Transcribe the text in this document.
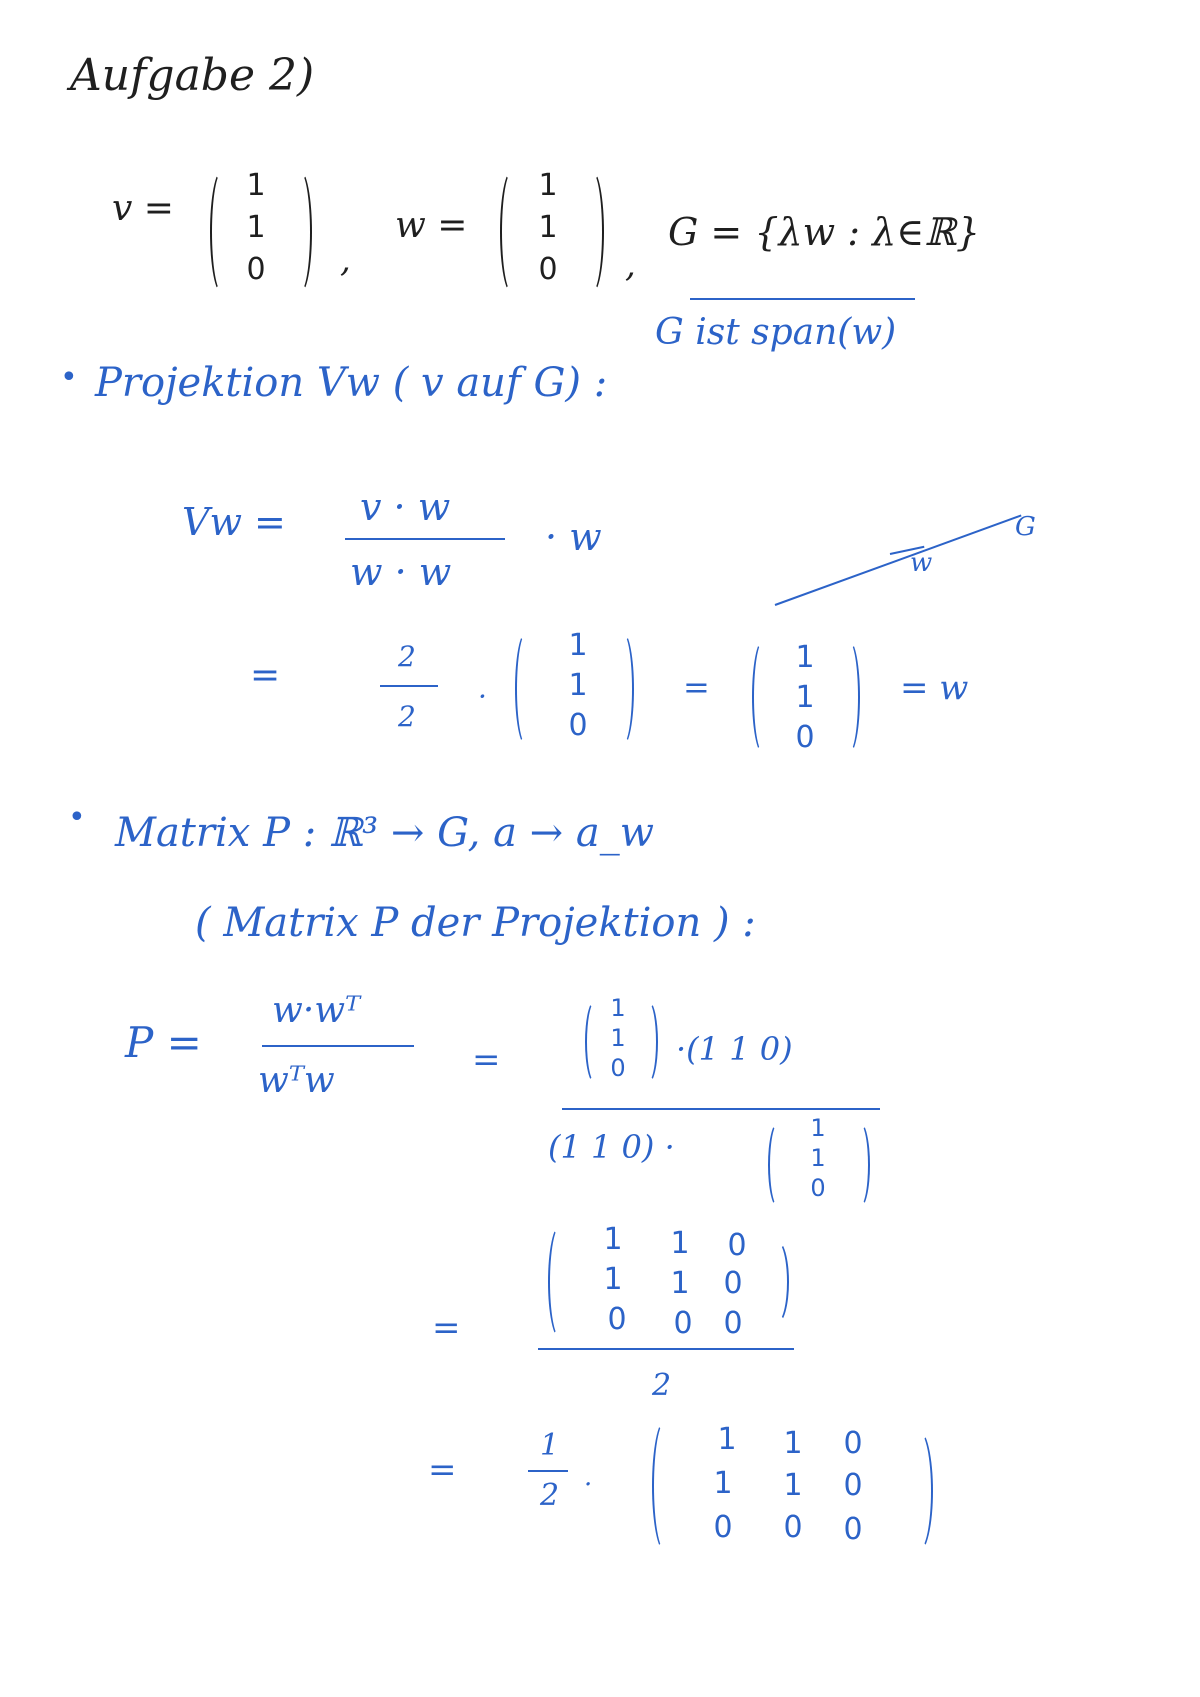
Aufgabe 2)
v =
1
1
0 ,
w =
1
1
0 ,
G = {λw : λ∈ℝ}
G ist span(w)
• Projektion Vw ( v auf G) :
Vw = v · w
w · w
· w
w
G
=	2
2
·
1
1
0
=
1
1
0
= w
• Matrix P : ℝ³ → G, a → a_w
( Matrix P der Projektion ) :
P =
w·wᵀ
wᵀw	=
1
1
0 ·(1 1 0)
(1 1 0) ·	1
1
0
=
1 1 0
1 1 0
0 0 0
2
=
1
2 ·
1 1 0
1 1 0
0 0 0
